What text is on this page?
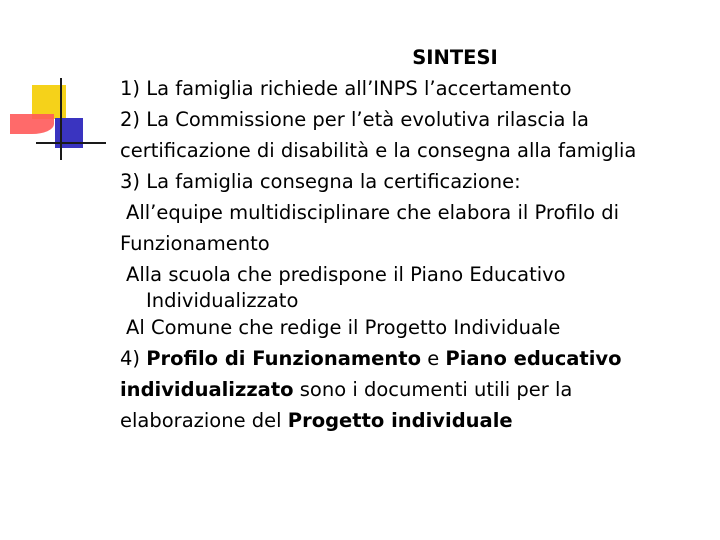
SINTESI
1) La famiglia richiede all’INPS l’accertamento
2) La Commissione per l’età evolutiva rilascia la
certificazione di disabilità e la consegna alla famiglia
3) La famiglia consegna la certificazione:
All’equipe multidisciplinare che elabora il Profilo di
Funzionamento
Alla scuola che predispone il Piano Educativo
Individualizzato
Al Comune che redige il Progetto Individuale
4) Profilo di Funzionamento e Piano educativo
individualizzato sono i documenti utili per la
elaborazione del Progetto individuale
